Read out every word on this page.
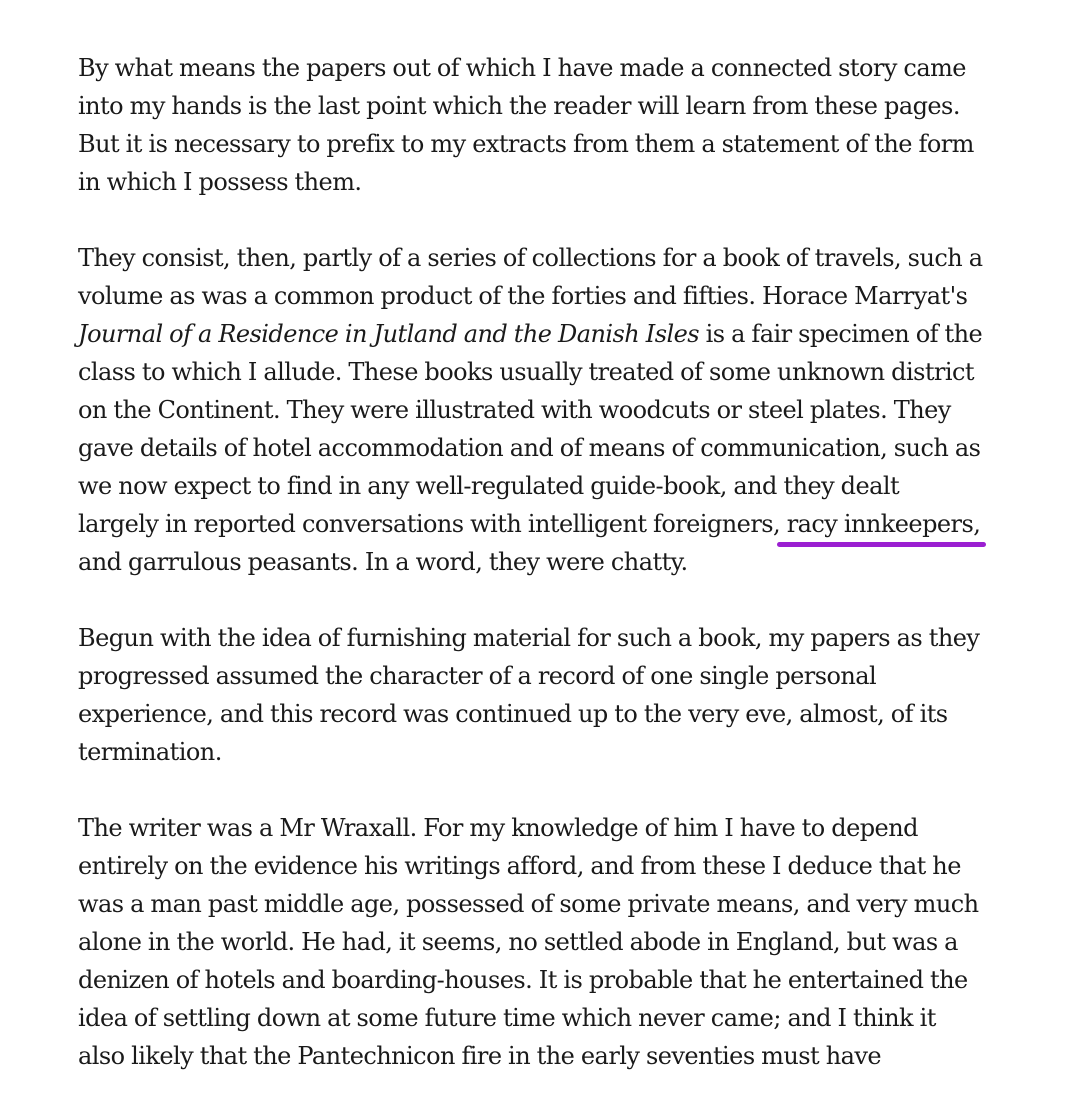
By what means the papers out of which I have made a connected story came
into my hands is the last point which the reader will learn from these pages.
But it is necessary to prefix to my extracts from them a statement of the form
in which I possess them.

They consist, then, partly of a series of collections for a book of travels, such a
volume as was a common product of the forties and fifties. Horace Marryat's
Journal of a Residence in Jutland and the Danish Isles is a fair specimen of the
class to which I allude. These books usually treated of some unknown district
on the Continent. They were illustrated with woodcuts or steel plates. They
gave details of hotel accommodation and of means of communication, such as
we now expect to find in any well-regulated guide-book, and they dealt
largely in reported conversations with intelligent foreigners, racy innkeepers,
and garrulous peasants. In a word, they were chatty.

Begun with the idea of furnishing material for such a book, my papers as they
progressed assumed the character of a record of one single personal
experience, and this record was continued up to the very eve, almost, of its
termination.

The writer was a Mr Wraxall. For my knowledge of him I have to depend
entirely on the evidence his writings afford, and from these I deduce that he
was a man past middle age, possessed of some private means, and very much
alone in the world. He had, it seems, no settled abode in England, but was a
denizen of hotels and boarding-houses. It is probable that he entertained the
idea of settling down at some future time which never came; and I think it
also likely that the Pantechnicon fire in the early seventies must have
